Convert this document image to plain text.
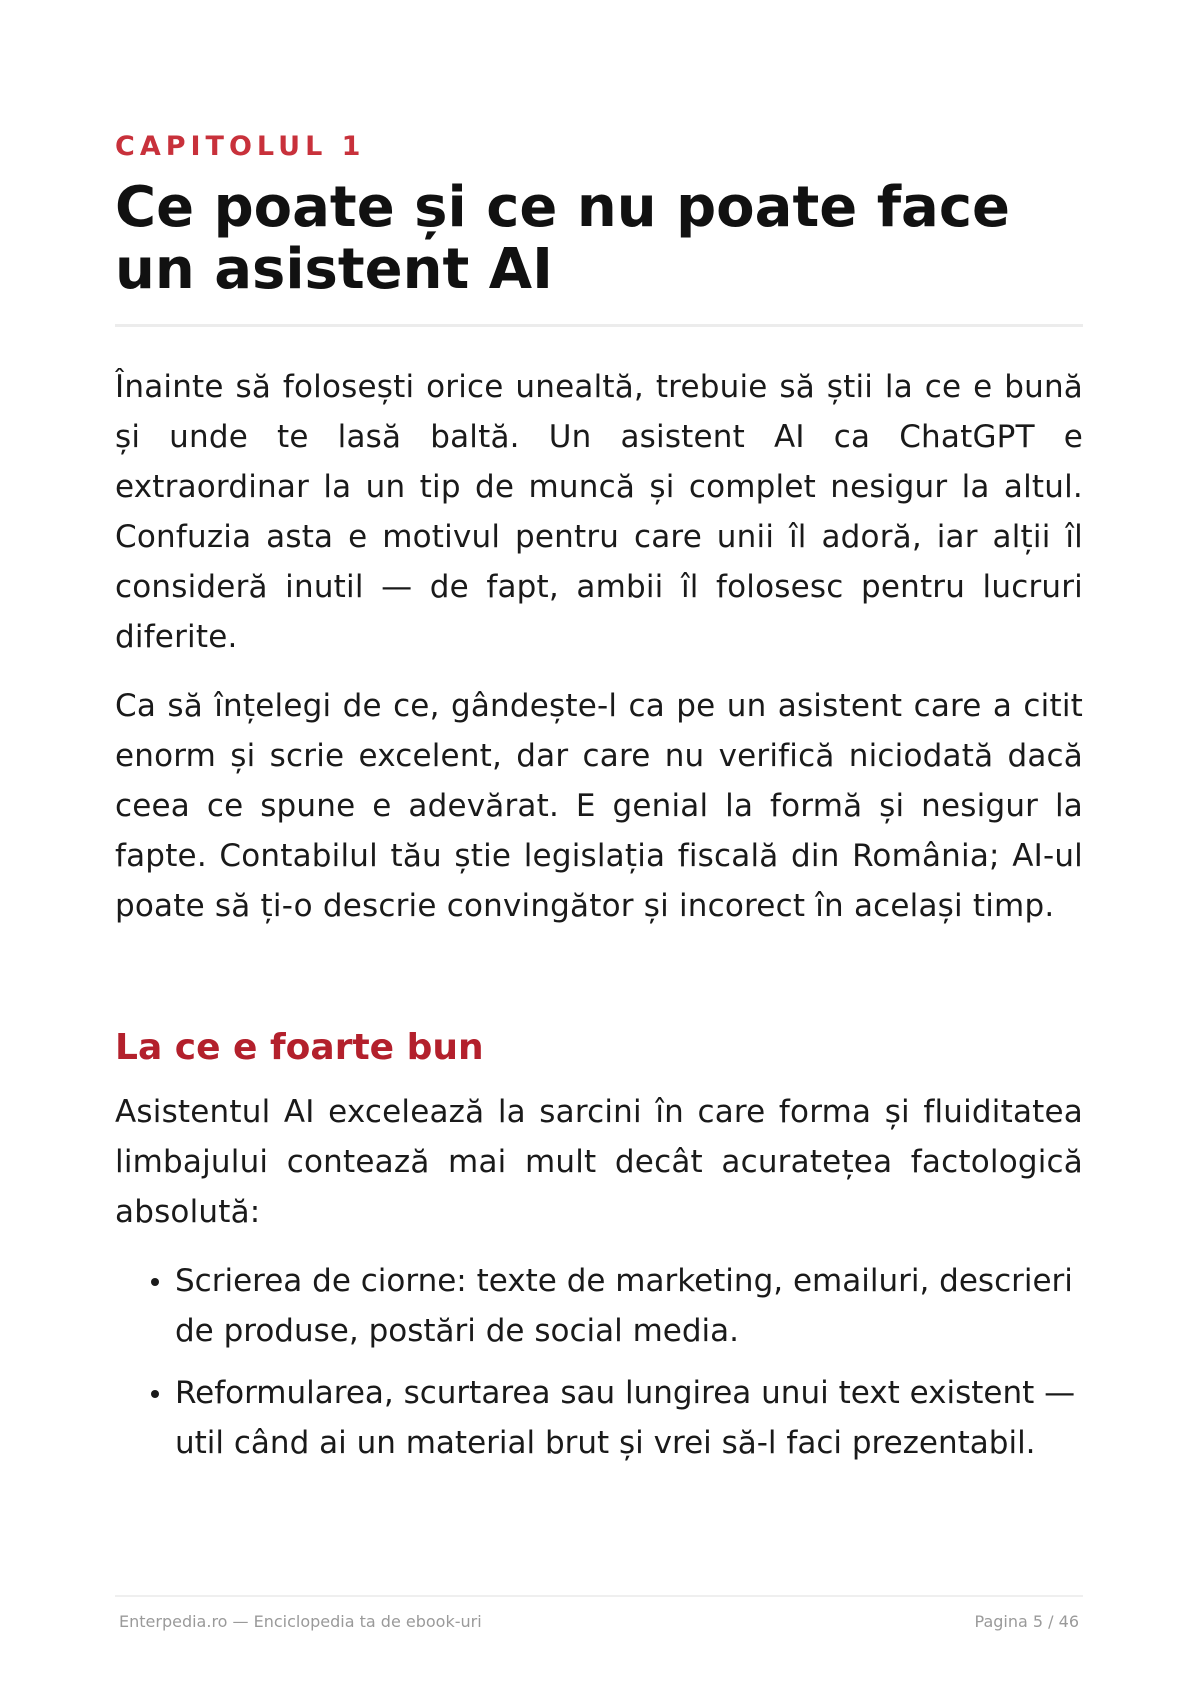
CAPITOLUL 1
Ce poate și ce nu poate face un asistent AI

Înainte să folosești orice unealtă, trebuie să știi la ce e bună și unde te lasă baltă. Un asistent AI ca ChatGPT e extraordinar la un tip de muncă și complet nesigur la altul. Confuzia asta e motivul pentru care unii îl adoră, iar alții îl consideră inutil — de fapt, ambii îl folosesc pentru lucruri diferite.

Ca să înțelegi de ce, gândește-l ca pe un asistent care a citit enorm și scrie excelent, dar care nu verifică niciodată dacă ceea ce spune e adevărat. E genial la formă și nesigur la fapte. Contabilul tău știe legislația fiscală din România; AI-ul poate să ți-o descrie convingător și incorect în același timp.

La ce e foarte bun

Asistentul AI excelează la sarcini în care forma și fluiditatea limbajului contează mai mult decât acuratețea factologică absolută:

Scrierea de ciorne: texte de marketing, emailuri, descrieri de produse, postări de social media.
Reformularea, scurtarea sau lungirea unui text existent — util când ai un material brut și vrei să-l faci prezentabil.
Enterpedia.ro — Enciclopedia ta de ebook-uri	Pagina 5 / 46
